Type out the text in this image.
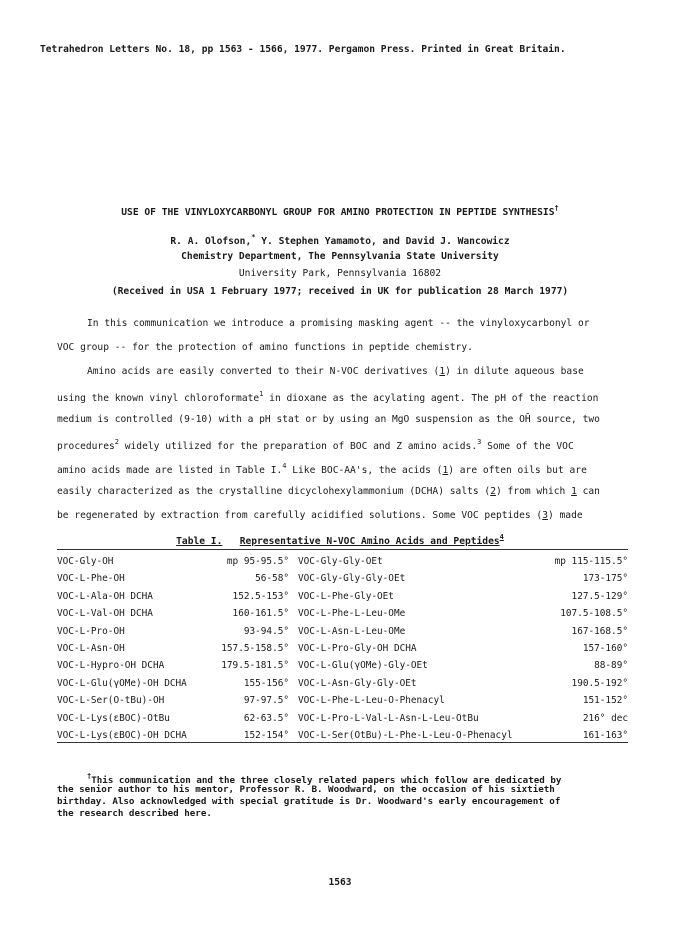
Tetrahedron Letters No. 18, pp 1563 - 1566, 1977. Pergamon Press. Printed in Great Britain.
USE OF THE VINYLOXYCARBONYL GROUP FOR AMINO PROTECTION IN PEPTIDE SYNTHESIS†
R. A. Olofson,* Y. Stephen Yamamoto, and David J. Wancowicz
Chemistry Department, The Pennsylvania State University
University Park, Pennsylvania 16802
(Received in USA 1 February 1977; received in UK for publication 28 March 1977)
In this communication we introduce a promising masking agent -- the vinyloxycarbonyl or
VOC group -- for the protection of amino functions in peptide chemistry.
Amino acids are easily converted to their N-VOC derivatives (1) in dilute aqueous base
using the known vinyl chloroformate$^1$ in dioxane as the acylating agent. The pH of the reaction
medium is controlled (9-10) with a pH stat or by using an MgO suspension as the OH̄ source, two
procedures$^2$ widely utilized for the preparation of BOC and Z amino acids.$^3$ Some of the VOC
amino acids made are listed in Table I.$^4$ Like BOC-AA's, the acids (1) are often oils but are
easily characterized as the crystalline dicyclohexylammonium (DCHA) salts (2) from which 1 can
be regenerated by extraction from carefully acidified solutions. Some VOC peptides (3) made
Table I. Representative N-VOC Amino Acids and Peptides$^4$
VOC-Gly-OH	mp 95-95.5° VOC-Gly-Gly-OEt	mp 115-115.5°
VOC-L-Phe-OH	56-58° VOC-Gly-Gly-Gly-OEt	173-175°
VOC-L-Ala-OH DCHA	152.5-153° VOC-L-Phe-Gly-OEt	127.5-129°
VOC-L-Val-OH DCHA	160-161.5° VOC-L-Phe-L-Leu-OMe	107.5-108.5°
VOC-L-Pro-OH	93-94.5° VOC-L-Asn-L-Leu-OMe	167-168.5°
VOC-L-Asn-OH	157.5-158.5° VOC-L-Pro-Gly-OH DCHA	157-160°
VOC-L-Hypro-OH DCHA	179.5-181.5° VOC-L-Glu(γOMe)-Gly-OEt	88-89°
VOC-L-Glu(γOMe)-OH DCHA	155-156° VOC-L-Asn-Gly-Gly-OEt	190.5-192°
VOC-L-Ser(O-tBu)-OH	97-97.5° VOC-L-Phe-L-Leu-O-Phenacyl	151-152°
VOC-L-Lys(εBOC)-OtBu	62-63.5° VOC-L-Pro-L-Val-L-Asn-L-Leu-OtBu	216° dec
VOC-L-Lys(εBOC)-OH DCHA	152-154° VOC-L-Ser(OtBu)-L-Phe-L-Leu-O-Phenacyl	161-163°
†This communication and the three closely related papers which follow are dedicated by
the senior author to his mentor, Professor R. B. Woodward, on the occasion of his sixtieth
birthday. Also acknowledged with special gratitude is Dr. Woodward's early encouragement of
the research described here.
1563
